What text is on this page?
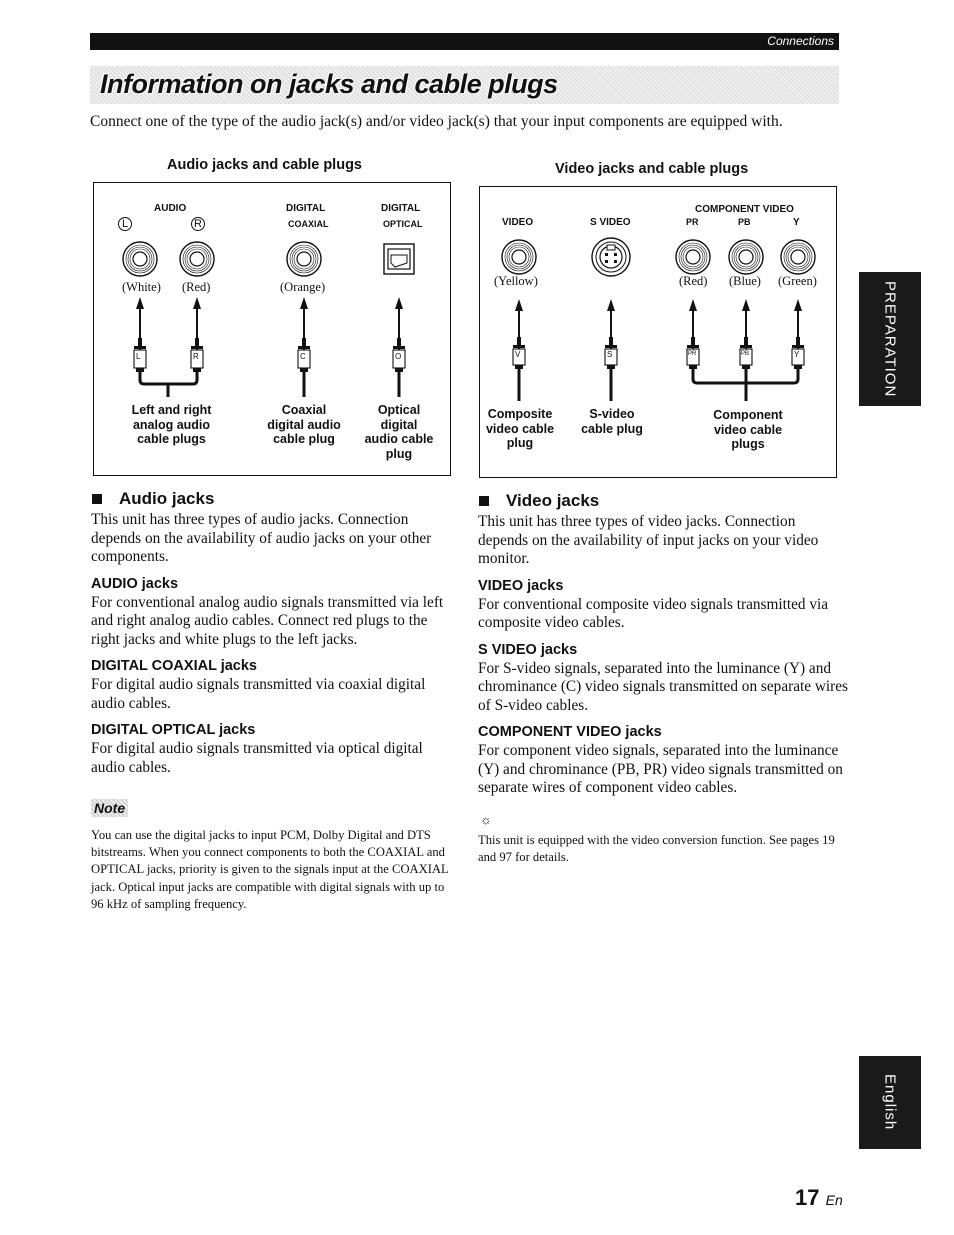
Connections
Information on jacks and cable plugs
Connect one of the type of the audio jack(s) and/or video jack(s) that your input components are equipped with.
Audio jacks and cable plugs
AUDIO
L	R
DIGITAL
COAXIAL
DIGITAL
OPTICAL
(White) (Red)	(Orange)
L	R	C	O
Left and right
analog audio
cable plugs
Coaxial
digital audio
cable plug
Optical
digital
audio cable
plug
Video jacks and cable plugs
VIDEO	S VIDEO
COMPONENT VIDEO
PR	PB	Y
(Yellow)	(Red) (Blue) (Green)
V	S	PR	PB	Y
Composite
video cable
plug
S-video
cable plug
Component
video cable
plugs
Audio jacks

This unit has three types of audio jacks. Connection depends on the availability of audio jacks on your other components.

AUDIO jacks

For conventional analog audio signals transmitted via left and right analog audio cables. Connect red plugs to the right jacks and white plugs to the left jacks.

DIGITAL COAXIAL jacks

For digital audio signals transmitted via coaxial digital audio cables.

DIGITAL OPTICAL jacks

For digital audio signals transmitted via optical digital audio cables.

Note

You can use the digital jacks to input PCM, Dolby Digital and DTS bitstreams. When you connect components to both the COAXIAL and OPTICAL jacks, priority is given to the signals input at the COAXIAL jack. Optical input jacks are compatible with digital signals with up to 96 kHz of sampling frequency.

Video jacks

This unit has three types of video jacks. Connection depends on the availability of input jacks on your video monitor.

VIDEO jacks

For conventional composite video signals transmitted via composite video cables.

S VIDEO jacks

For S-video signals, separated into the luminance (Y) and chrominance (C) video signals transmitted on separate wires of S-video cables.

COMPONENT VIDEO jacks

For component video signals, separated into the luminance (Y) and chrominance (PB, PR) video signals transmitted on separate wires of component video cables.

☼

This unit is equipped with the video conversion function. See pages 19 and 97 for details.

PREPARATION
English
17 En
